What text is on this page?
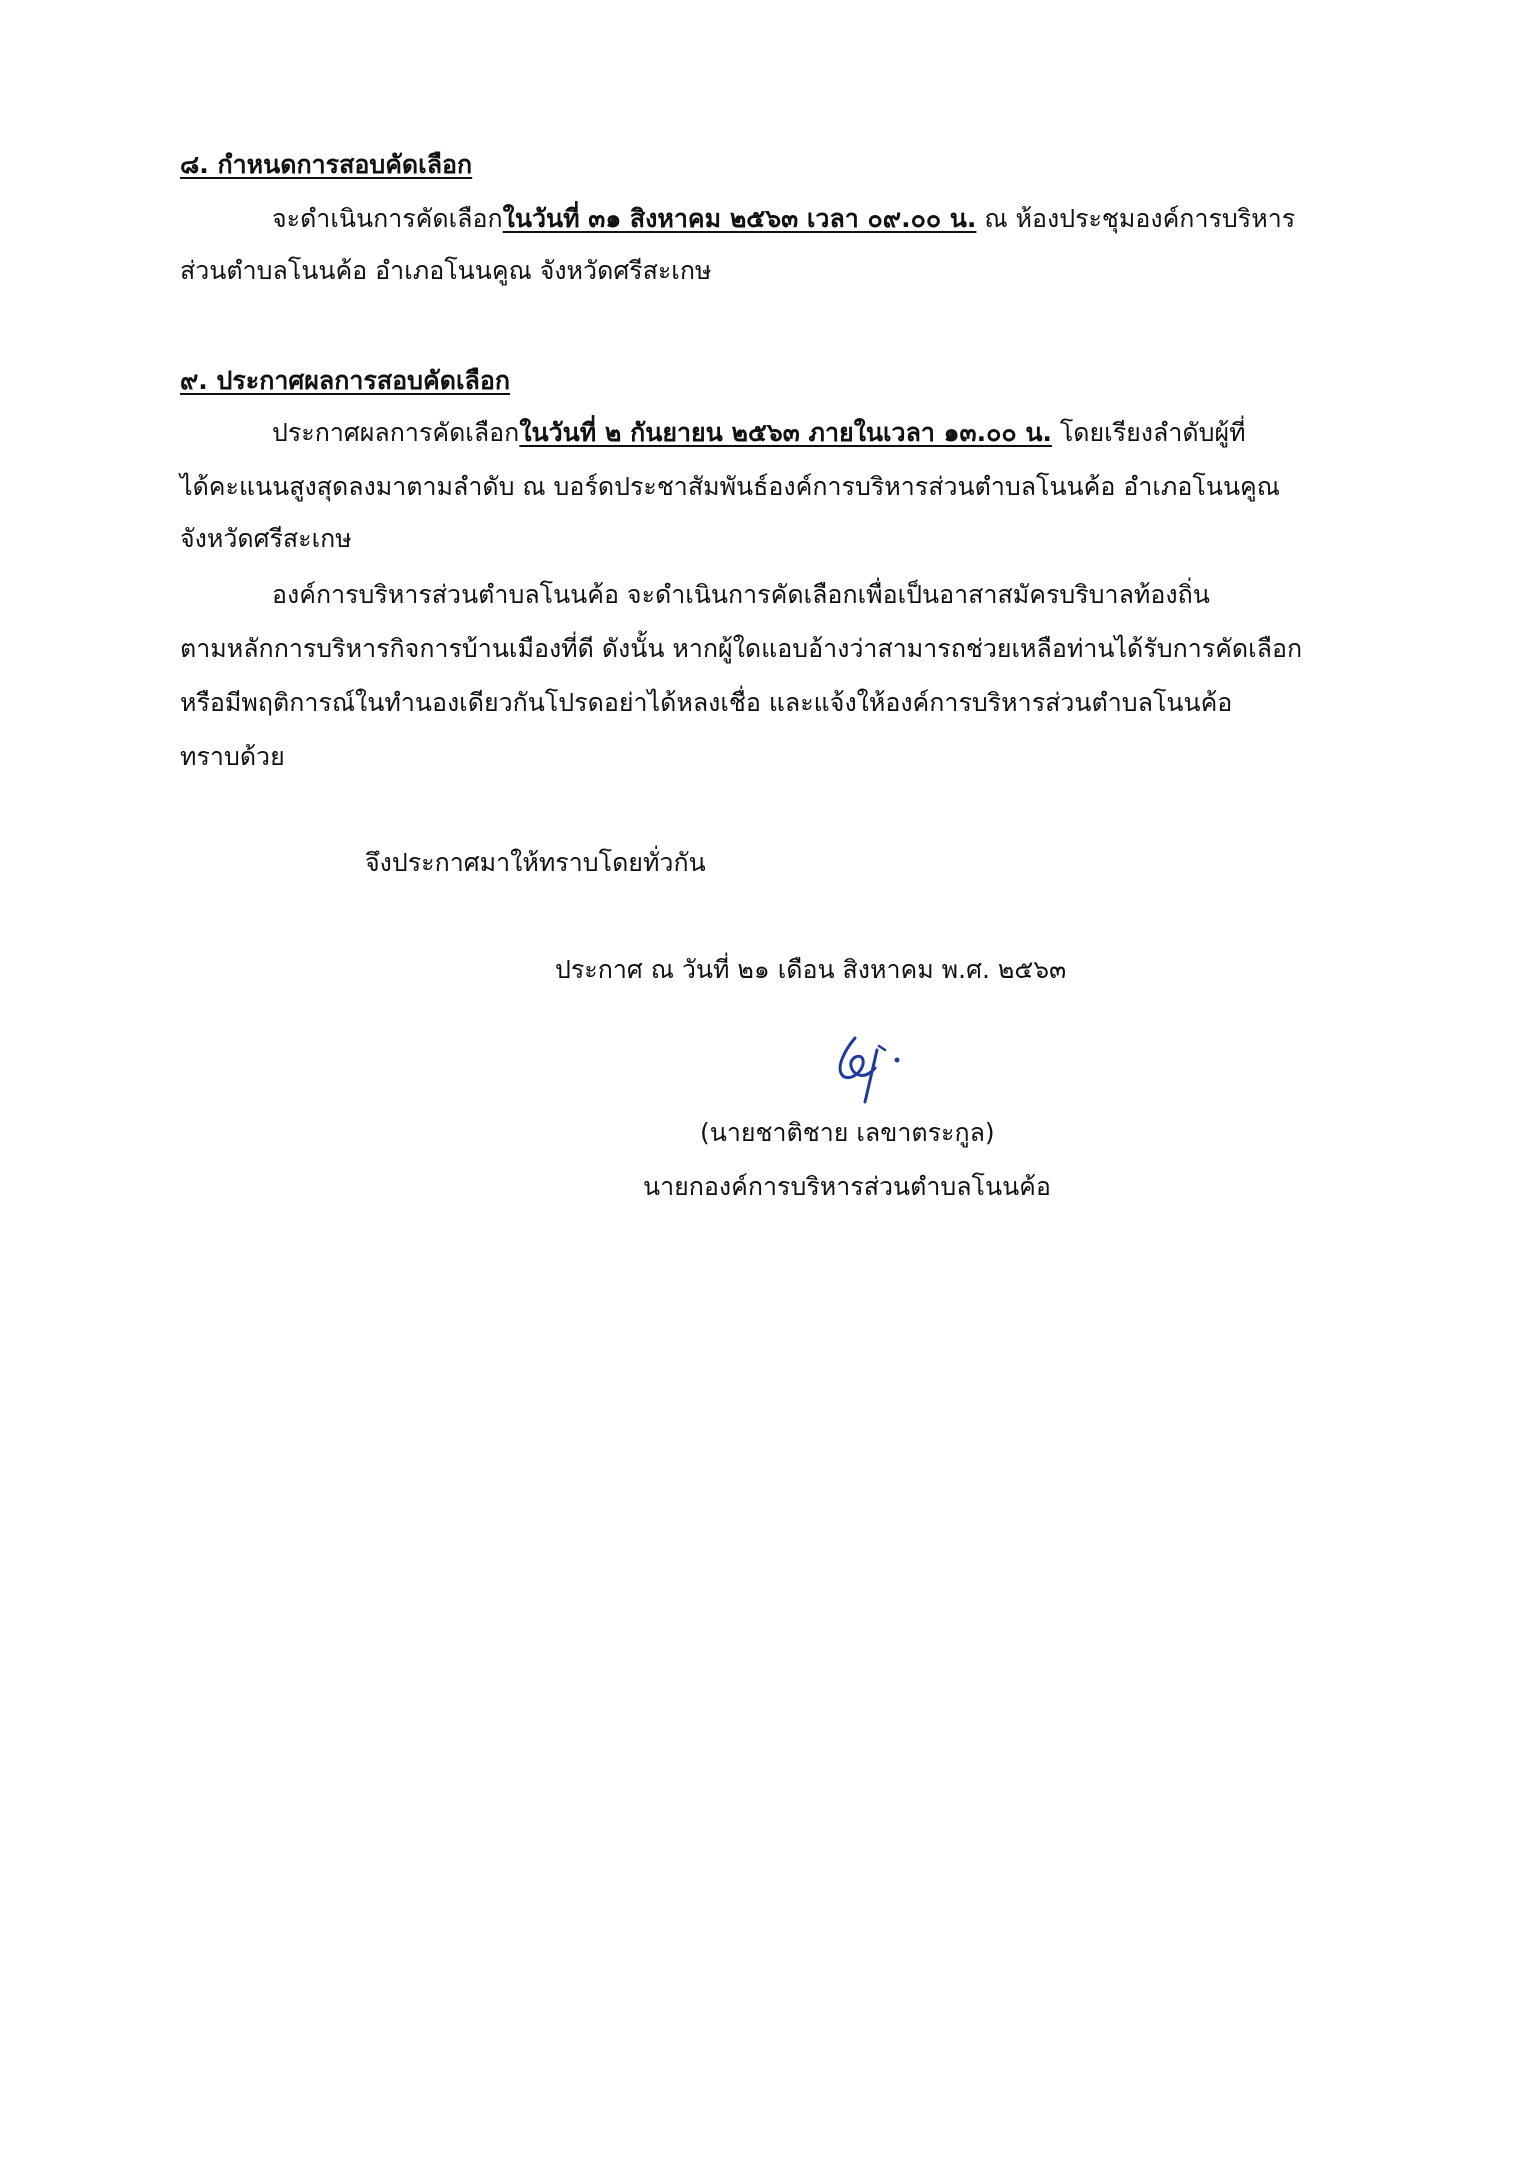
๘. กำหนดการสอบคัดเลือก
จะดำเนินการคัดเลือกในวันที่ ๓๑ สิงหาคม ๒๕๖๓ เวลา ๐๙.๐๐ น. ณ ห้องประชุมองค์การบริหาร
ส่วนตำบลโนนค้อ อำเภอโนนคูณ จังหวัดศรีสะเกษ
๙. ประกาศผลการสอบคัดเลือก
ประกาศผลการคัดเลือกในวันที่ ๒ กันยายน ๒๕๖๓ ภายในเวลา ๑๓.๐๐ น. โดยเรียงลำดับผู้ที่
ได้คะแนนสูงสุดลงมาตามลำดับ ณ บอร์ดประชาสัมพันธ์องค์การบริหารส่วนตำบลโนนค้อ อำเภอโนนคูณ
จังหวัดศรีสะเกษ
องค์การบริหารส่วนตำบลโนนค้อ จะดำเนินการคัดเลือกเพื่อเป็นอาสาสมัครบริบาลท้องถิ่น
ตามหลักการบริหารกิจการบ้านเมืองที่ดี ดังนั้น หากผู้ใดแอบอ้างว่าสามารถช่วยเหลือท่านได้รับการคัดเลือก
หรือมีพฤติการณ์ในทำนองเดียวกันโปรดอย่าได้หลงเชื่อ และแจ้งให้องค์การบริหารส่วนตำบลโนนค้อ
ทราบด้วย
จึงประกาศมาให้ทราบโดยทั่วกัน
ประกาศ ณ วันที่ ๒๑ เดือน สิงหาคม พ.ศ. ๒๕๖๓
(นายชาติชาย เลขาตระกูล)
นายกองค์การบริหารส่วนตำบลโนนค้อ
